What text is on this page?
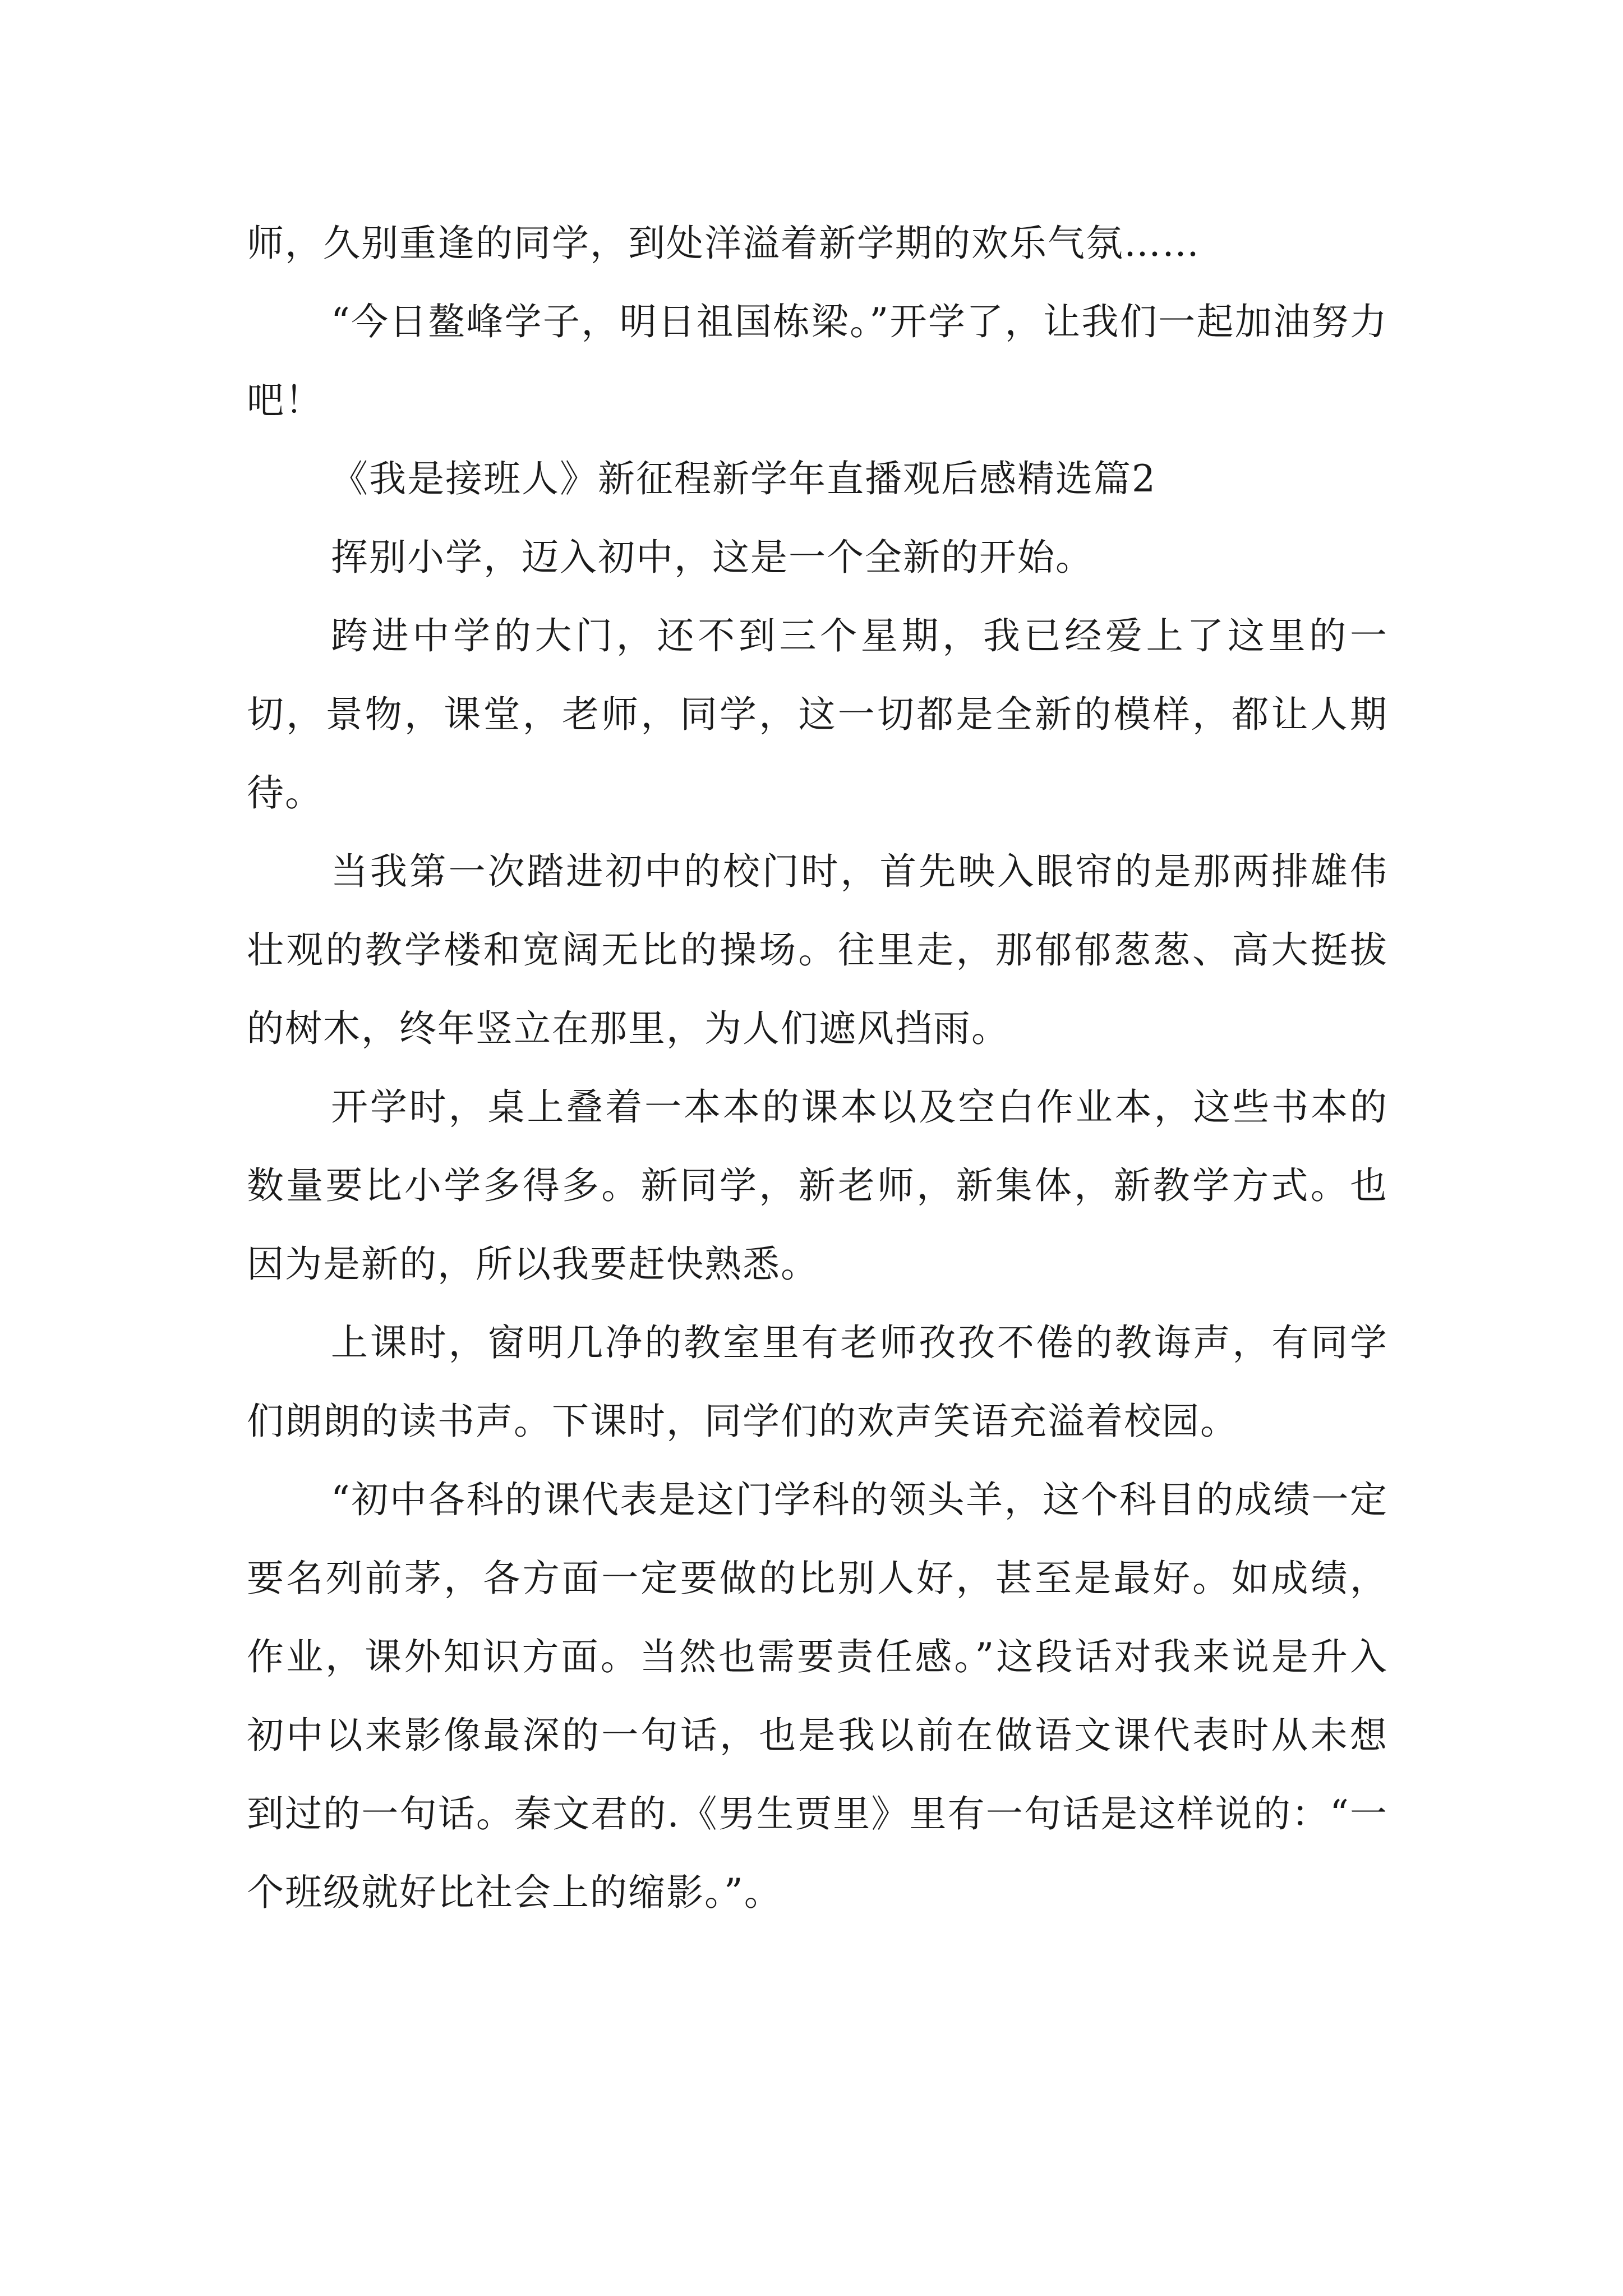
师，久别重逢的同学，到处洋溢着新学期的欢乐气氛……

“今日鳌峰学子，明日祖国栋梁。”开学了，让我们一起加油努力吧！

《我是接班人》新征程新学年直播观后感精选篇2

挥别小学，迈入初中，这是一个全新的开始。

跨进中学的大门，还不到三个星期，我已经爱上了这里的一切，景物，课堂，老师，同学，这一切都是全新的模样，都让人期待。

当我第一次踏进初中的校门时，首先映入眼帘的是那两排雄伟壮观的教学楼和宽阔无比的操场。往里走，那郁郁葱葱、高大挺拔的树木，终年竖立在那里，为人们遮风挡雨。

开学时，桌上叠着一本本的课本以及空白作业本，这些书本的数量要比小学多得多。新同学，新老师，新集体，新教学方式。也因为是新的，所以我要赶快熟悉。

上课时，窗明几净的教室里有老师孜孜不倦的教诲声，有同学们朗朗的读书声。下课时，同学们的欢声笑语充溢着校园。

“初中各科的课代表是这门学科的领头羊，这个科目的成绩一定要名列前茅，各方面一定要做的比别人好，甚至是最好。如成绩，作业，课外知识方面。当然也需要责任感。”这段话对我来说是升入初中以来影像最深的一句话，也是我以前在做语文课代表时从未想到过的一句话。秦文君的.《男生贾里》里有一句话是这样说的：“一个班级就好比社会上的缩影。”。
